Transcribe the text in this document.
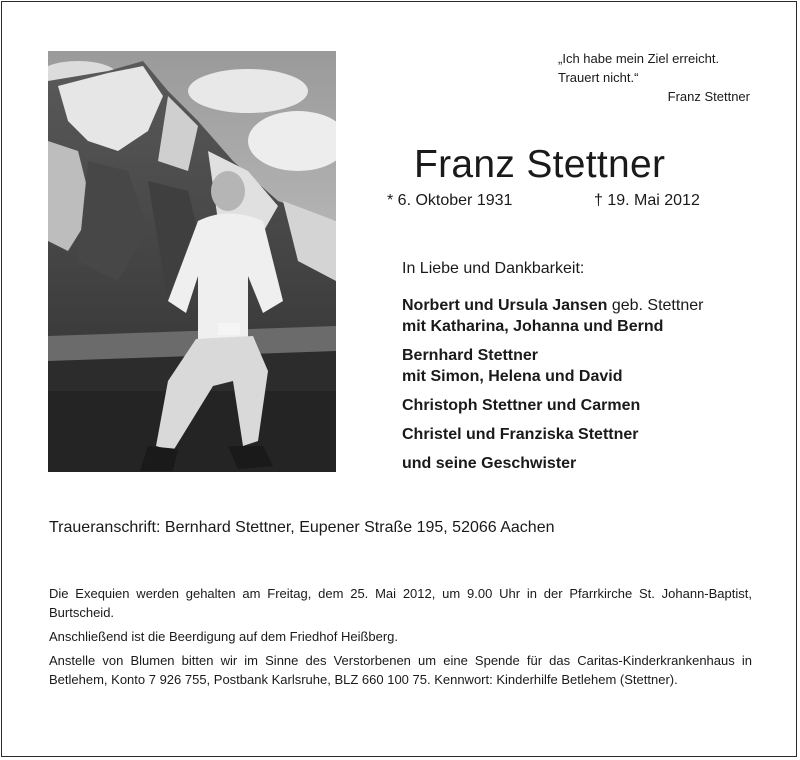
„Ich habe mein Ziel erreicht.
Trauert nicht.“

Franz Stettner
Franz Stettner
* 6. Oktober 1931	† 19. Mai 2012

In Liebe und Dankbarkeit:

Norbert und Ursula Jansen geb. Stettner
mit Katharina, Johanna und Bernd

Bernhard Stettner
mit Simon, Helena und David

Christoph Stettner und Carmen

Christel und Franziska Stettner

und seine Geschwister

Traueranschrift: Bernhard Stettner, Eupener Straße 195, 52066 Aachen

Die Exequien werden gehalten am Freitag, dem 25. Mai 2012, um 9.00 Uhr in der Pfarrkirche St. Johann-Baptist, Burtscheid.

Anschließend ist die Beerdigung auf dem Friedhof Heißberg.

Anstelle von Blumen bitten wir im Sinne des Verstorbenen um eine Spende für das Caritas-Kinderkrankenhaus in Betlehem, Konto 7 926 755, Postbank Karlsruhe, BLZ 660 100 75. Kennwort: Kinderhilfe Betlehem (Stettner).
